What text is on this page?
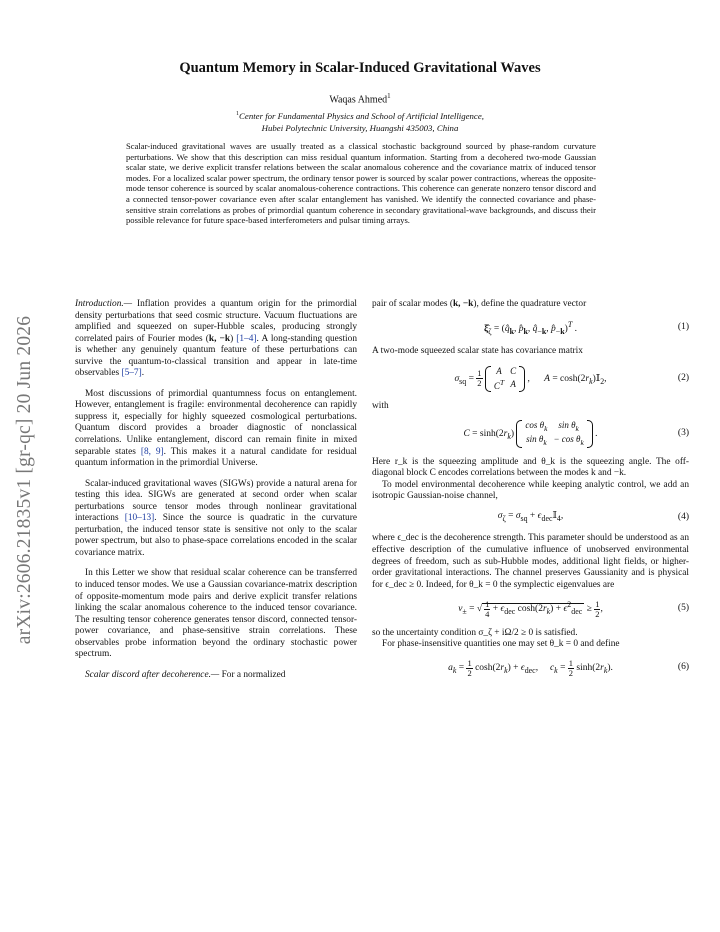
arXiv:2606.21835v1 [gr-qc] 20 Jun 2026
Quantum Memory in Scalar-Induced Gravitational Waves
Waqas Ahmed$^1$
$^1$Center for Fundamental Physics and School of Artificial Intelligence,
Hubei Polytechnic University, Huangshi 435003, China
Scalar-induced gravitational waves are usually treated as a classical stochastic background sourced by phase-random curvature perturbations. We show that this description can miss residual quantum information. Starting from a decohered two-mode Gaussian scalar state, we derive explicit transfer relations between the scalar anomalous coherence and the covariance matrix of induced tensor modes. For a localized scalar power spectrum, the ordinary tensor power is sourced by scalar power contractions, whereas the opposite-mode tensor coherence is sourced by scalar anomalous-coherence contractions. This coherence can generate nonzero tensor discord and a connected tensor-power covariance even after scalar entanglement has vanished. We identify the connected covariance and phase-sensitive strain correlations as probes of primordial quantum coherence in secondary gravitational-wave backgrounds, and discuss their possible relevance for future space-based interferometers and pulsar timing arrays.

Introduction.— Inflation provides a quantum origin for the primordial density perturbations that seed cosmic structure. Vacuum fluctuations are amplified and squeezed on super-Hubble scales, producing strongly correlated pairs of Fourier modes (k, −k) [1–4]. A long-standing question is whether any genuinely quantum feature of these perturbations can survive the quantum-to-classical transition and appear in late-time observables [5–7].

Most discussions of primordial quantumness focus on entanglement. However, entanglement is fragile: environmental decoherence can rapidly suppress it, especially for highly squeezed cosmological perturbations. Quantum discord provides a broader diagnostic of nonclassical correlations. Unlike entanglement, discord can remain finite in mixed separable states [8, 9]. This makes it a natural candidate for residual quantum information in the primordial Universe.

Scalar-induced gravitational waves (SIGWs) provide a natural arena for testing this idea. SIGWs are generated at second order when scalar perturbations source tensor modes through nonlinear gravitational interactions [10–13]. Since the source is quadratic in the curvature perturbation, the induced tensor state is sensitive not only to the scalar power spectrum, but also to phase-space correlations encoded in the scalar covariance matrix.

In this Letter we show that residual scalar coherence can be transferred to induced tensor modes. We use a Gaussian covariance-matrix description of opposite-momentum mode pairs and derive explicit transfer relations linking the scalar anomalous coherence to the induced tensor covariance. The resulting tensor coherence generates tensor discord, connected tensor-power covariance, and phase-sensitive strain correlations. These observables probe information beyond the ordinary stochastic power spectrum.

Scalar discord after decoherence.— For a normalized

pair of scalar modes (k, −k), define the quadrature vector

$\xî_\zeta$ = ($q̂_k$, $p̂_k$, $q̂_{-k}$, $p̂_{-k})^T$ .	(1)

A two-mode squeezed scalar state has covariance matrix

$\sigma_{sq} = \frac{1}{2}$
A	C
$C^T$	A ,      $A = \cosh(2r_k)𝕀_2$,	(2)

with

$C = \sinh(2r_k)$
$\cos \theta_k$	$\sin \theta_k$
$\sin \theta_k$	− $\cos \theta_k$
.	(3)

Here r_k is the squeezing amplitude and θ_k is the squeezing angle. The off-diagonal block C encodes correlations between the modes k and −k.

To model environmental decoherence while keeping analytic control, we add an isotropic Gaussian-noise channel,

$\sigma_\zeta = \sigma_{sq}$ + $\epsilon_{dec}𝕀_4$,	(4)

where ϵ_dec is the decoherence strength. This parameter should be understood as an effective description of the cumulative influence of unobserved environmental degrees of freedom, such as sub-Hubble modes, additional light fields, or higher-order gravitational interactions. The channel preserves Gaussianity and is physical for ϵ_dec ≥ 0. Indeed, for θ_k = 0 the symplectic eigenvalues are

$\nu_\pm$ = √ $\frac{1}{4} + \epsilon_{dec}$ $\cosh(2r_k) + \epsilon^2_{dec} \ge \frac{1}{2}$ ,	(5)

so the uncertainty condition σ_ζ + iΩ/2 ≥ 0 is satisfied.

For phase-insensitive quantities one may set θ_k = 0 and define

$a_k = \frac{1}{2} \cosh(2r_k) + \epsilon_{dec}$,     $c_k = \frac{1}{2} \sinh(2r_k)$.	(6)
